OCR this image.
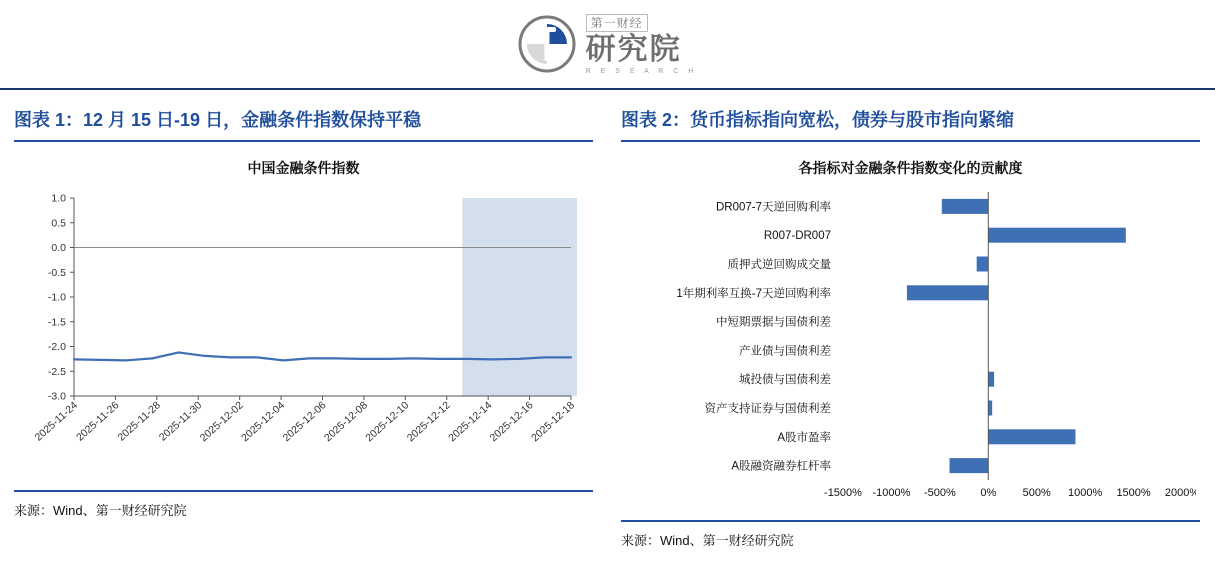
第一财经
研究院
R E S E A R C H
图表 1：12 月 15 日-19 日，金融条件指数保持平稳
中国金融条件指数
1.0
0.5
0.0
-0.5
-1.0
-1.5
-2.0
-2.5
-3.0
2025-11-24
2025-11-26
2025-11-28
2025-11-30
2025-12-02
2025-12-04
2025-12-06
2025-12-08
2025-12-10
2025-12-12
2025-12-14
2025-12-16
2025-12-18
来源：Wind、第一财经研究院
图表 2：货币指标指向宽松，债券与股市指向紧缩
各指标对金融条件指数变化的贡献度
DR007-7天逆回购利率
R007-DR007
质押式逆回购成交量
1年期利率互换-7天逆回购利率
中短期票据与国债利差
产业债与国债利差
城投债与国债利差
资产支持证券与国债利差
A股市盈率
A股融资融券杠杆率
-1500% -1000% -500% 0% 500% 1000% 1500% 2000%
来源：Wind、第一财经研究院
